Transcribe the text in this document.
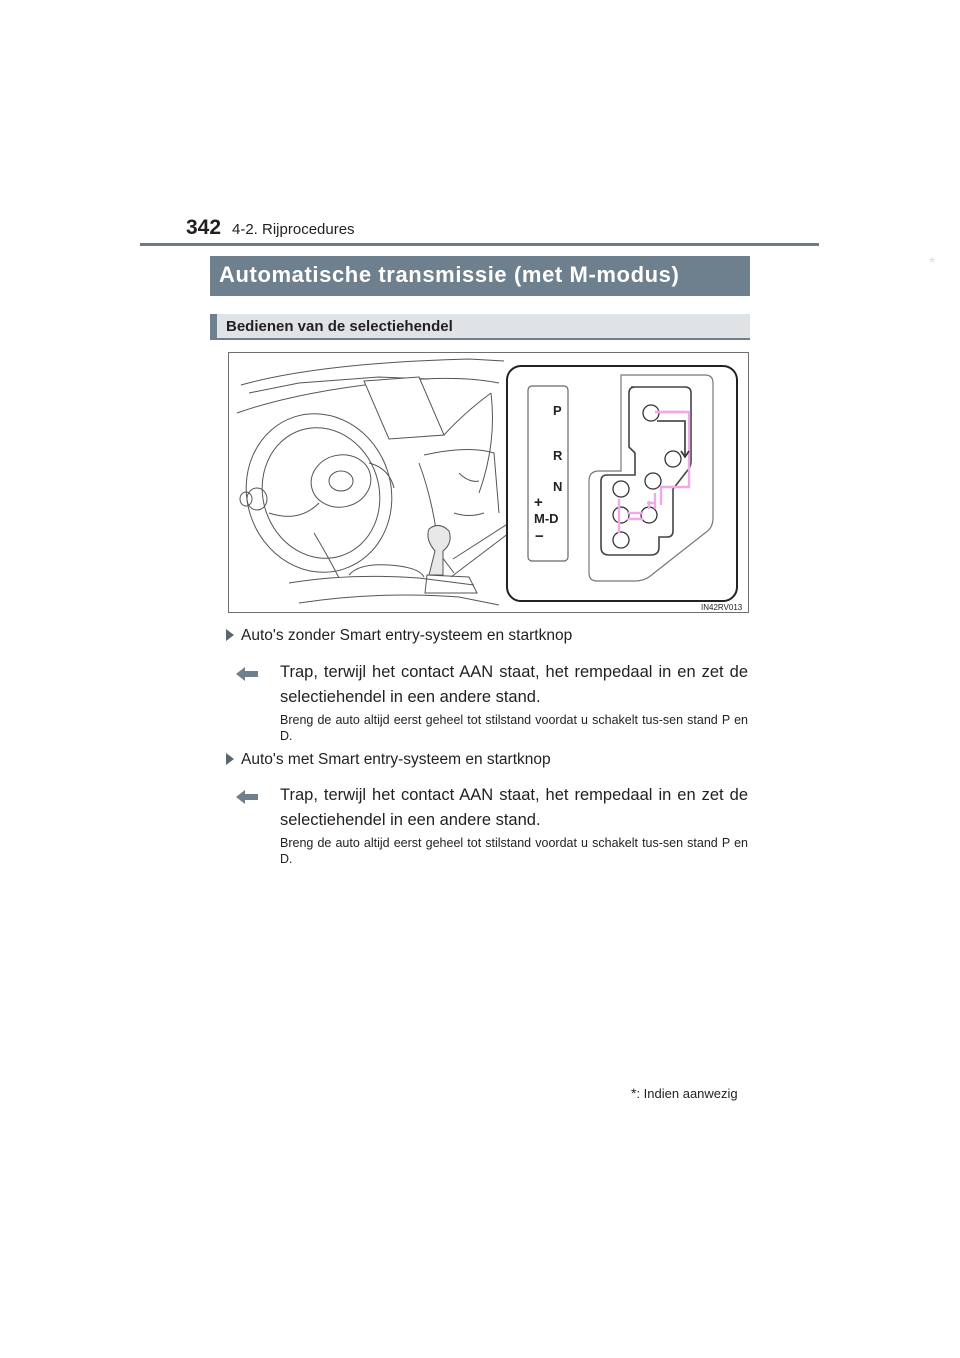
342 4-2. Rijprocedures
Automatische transmissie (met M-modus)	*
Bedienen van de selectiehendel
P
R
N
+
M-D
−
IN42RV013
Auto's zonder Smart entry-systeem en startknop
Trap, terwijl het contact AAN staat, het rempedaal in en zet de selectiehendel in een andere stand.
Breng de auto altijd eerst geheel tot stilstand voordat u schakelt tus-sen stand P en D.
Auto's met Smart entry-systeem en startknop
Trap, terwijl het contact AAN staat, het rempedaal in en zet de selectiehendel in een andere stand.
Breng de auto altijd eerst geheel tot stilstand voordat u schakelt tus-sen stand P en D.
*: Indien aanwezig
